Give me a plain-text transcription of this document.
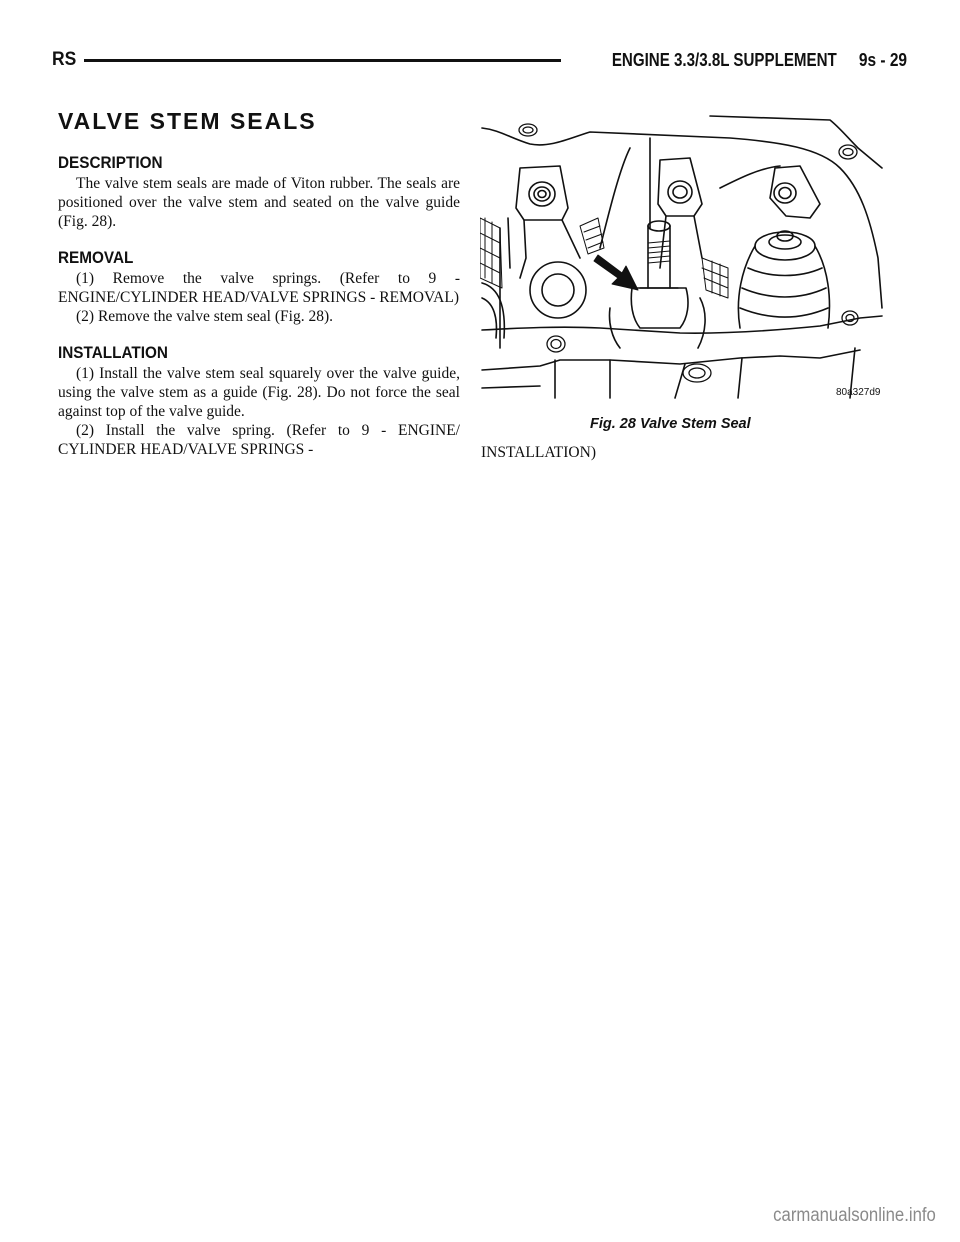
RS	ENGINE 3.3/3.8L SUPPLEMENT 9s - 29
VALVE STEM SEALS
DESCRIPTION

The valve stem seals are made of Viton rubber. The seals are positioned over the valve stem and seated on the valve guide (Fig. 28).

REMOVAL

(1) Remove the valve springs. (Refer to 9 - ENGINE/CYLINDER HEAD/VALVE SPRINGS - REMOVAL)

(2) Remove the valve stem seal (Fig. 28).

INSTALLATION

(1) Install the valve stem seal squarely over the valve guide, using the valve stem as a guide (Fig. 28). Do not force the seal against top of the valve guide.

(2) Install the valve spring. (Refer to 9 - ENGINE/ CYLINDER HEAD/VALVE SPRINGS -

80a327d9
Fig. 28 Valve Stem Seal
INSTALLATION)
carmanualsonline.info
